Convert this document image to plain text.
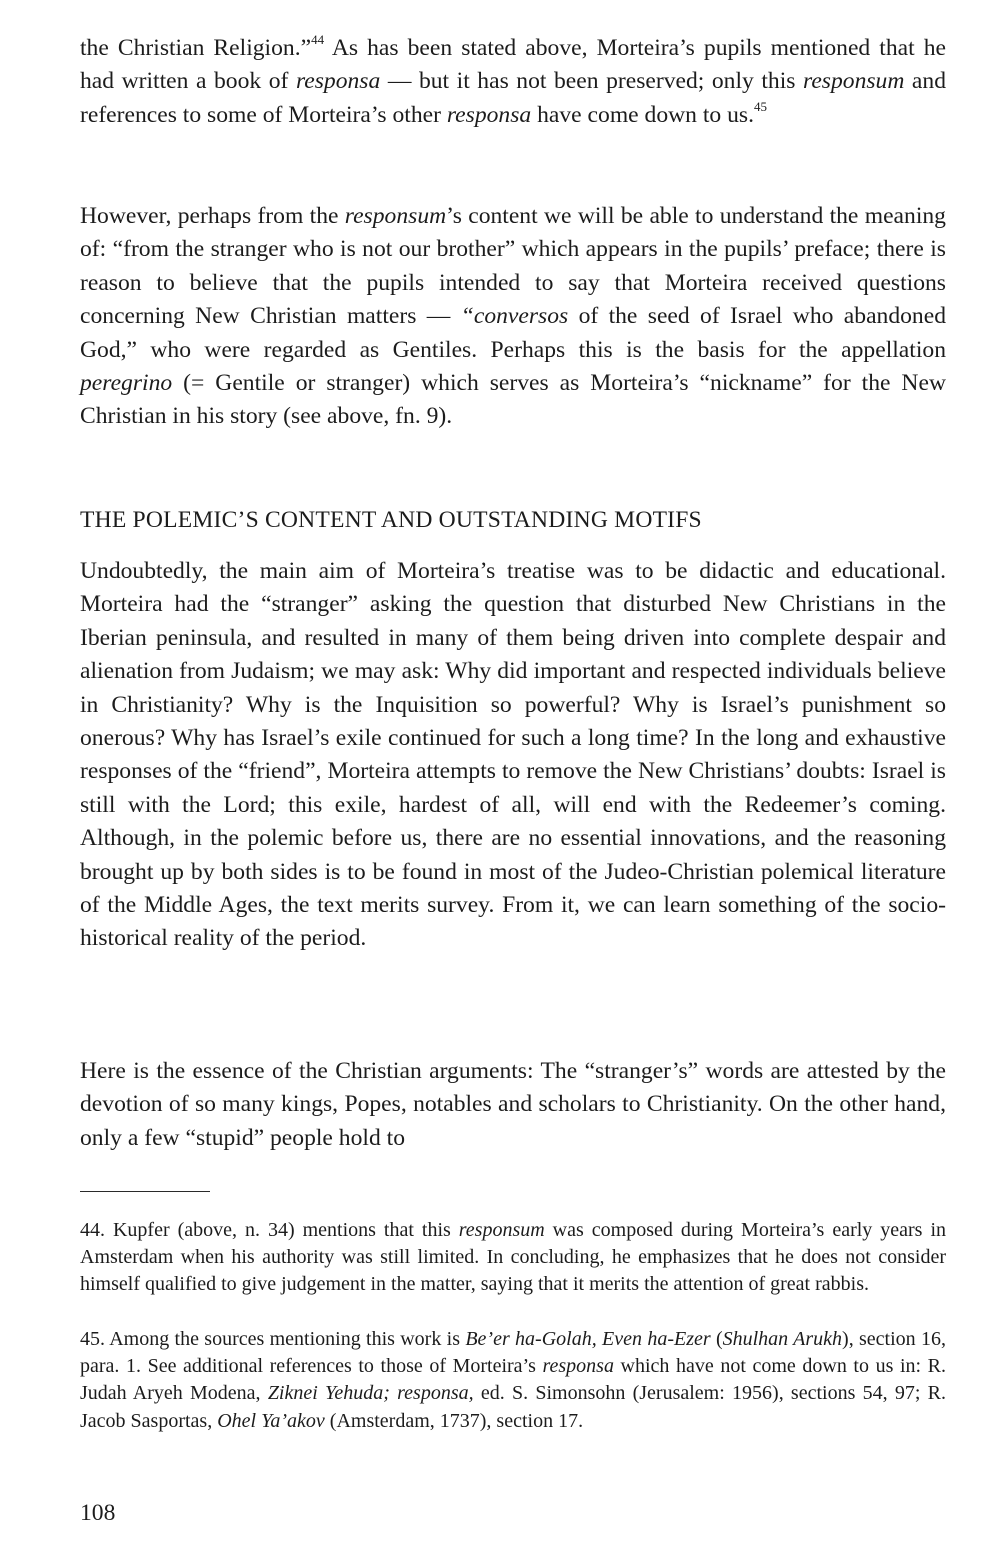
the Christian Religion.”$^{44}$ As has been stated above, Morteira’s pupils mentioned that he had written a book of responsa — but it has not been preserved; only this responsum and references to some of Morteira’s other responsa have come down to us.$^{45}$

However, perhaps from the responsum’s content we will be able to understand the meaning of: “from the stranger who is not our brother” which appears in the pupils’ preface; there is reason to believe that the pupils intended to say that Morteira received questions concerning New Christian matters — “conversos of the seed of Israel who abandoned God,” who were regarded as Gentiles. Perhaps this is the basis for the appellation peregrino (= Gentile or stranger) which serves as Morteira’s “nickname” for the New Christian in his story (see above, fn. 9).

THE POLEMIC’S CONTENT AND OUTSTANDING MOTIFS

Undoubtedly, the main aim of Morteira’s treatise was to be didactic and educational. Morteira had the “stranger” asking the question that disturbed New Christians in the Iberian peninsula, and resulted in many of them being driven into complete despair and alienation from Judaism; we may ask: Why did important and respected individuals believe in Christianity? Why is the Inquisition so powerful? Why is Israel’s punishment so onerous? Why has Israel’s exile continued for such a long time? In the long and exhaustive responses of the “friend”, Morteira attempts to remove the New Christians’ doubts: Israel is still with the Lord; this exile, hardest of all, will end with the Redeemer’s coming. Although, in the polemic before us, there are no essential innovations, and the reasoning brought up by both sides is to be found in most of the Judeo-Christian polemical literature of the Middle Ages, the text merits survey. From it, we can learn something of the socio-historical reality of the period.

Here is the essence of the Christian arguments: The “stranger’s” words are attested by the devotion of so many kings, Popes, notables and scholars to Christianity. On the other hand, only a few “stupid” people hold to

44. Kupfer (above, n. 34) mentions that this responsum was composed during Morteira’s early years in Amsterdam when his authority was still limited. In concluding, he emphasizes that he does not consider himself qualified to give judgement in the matter, saying that it merits the attention of great rabbis.

45. Among the sources mentioning this work is Be’er ha-Golah, Even ha-Ezer (Shulhan Arukh), section 16, para. 1. See additional references to those of Morteira’s responsa which have not come down to us in: R. Judah Aryeh Modena, Ziknei Yehuda; responsa, ed. S. Simonsohn (Jerusalem: 1956), sections 54, 97; R. Jacob Sasportas, Ohel Ya’akov (Amsterdam, 1737), section 17.

108
